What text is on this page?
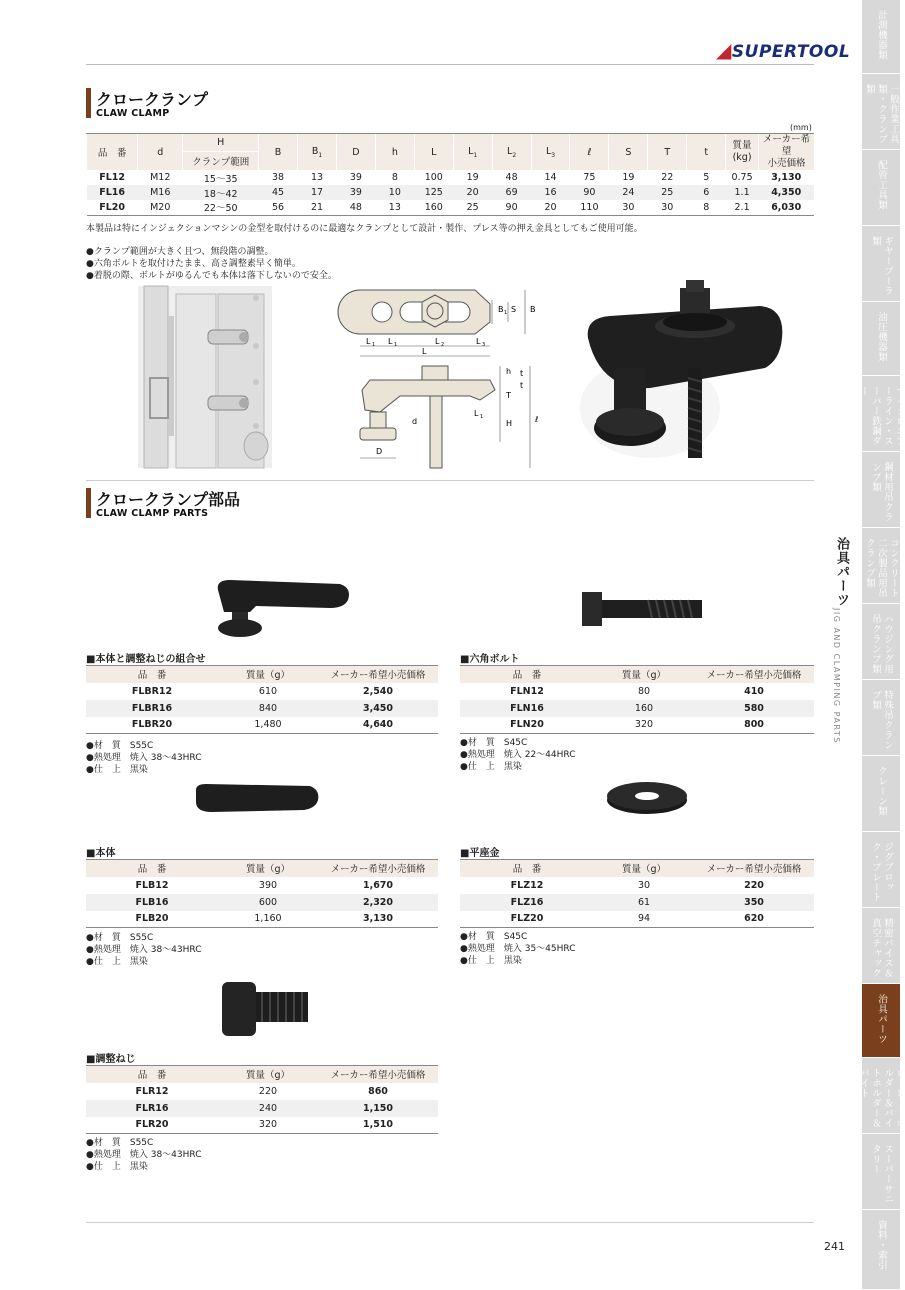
◢SUPERTOOL
クロークランプ
CLAW CLAMP
(mm)
品　番	d	H	B	$B_1$	D	h	L	$L_1$	$L_2$	$L_3$	ℓ	S	T	t	質量
(kg)	メーカー希望
小売価格
		クランプ範囲														
FL12	M12	15～35	38	13	39	8	100	19	48	14	75	19	22	5	0.75	3,130
FL16	M16	18～42	45	17	39	10	125	20	69	16	90	24	25	6	1.1	4,350
FL20	M20	22～50	56	21	48	13	160	25	90	20	110	30	30	8	2.1	6,030
本製品は特にインジェクションマシンの金型を取付けるのに最適なクランプとして設計・製作、プレス等の押え金具としてもご使用可能。
●クランプ範囲が大きく且つ、無段階の調整。
●六角ボルトを取付けたまま、高さ調整素早く簡単。
●着脱の際、ボルトがゆるんでも本体は落下しないので安全。
B 1 S B
L 1 L 1	L 2	L 3
L
h t
t
T
L 1
H	ℓ
d
D
クロークランプ部品
CLAW CLAMP PARTS
■本体と調整ねじの組合せ
品　番	質量（g）	メーカー希望小売価格
FLBR12	610	2,540
FLBR16	840	3,450
FLBR20	1,480	4,640
●材　質　S55C
●熱処理　焼入 38～43HRC
●仕　上　黒染
■六角ボルト
品　番	質量（g）	メーカー希望小売価格
FLN12	80	410
FLN16	160	580
FLN20	320	800
●材　質　S45C
●熱処理　焼入 22～44HRC
●仕　上　黒染
■本体
品　番	質量（g）	メーカー希望小売価格
FLB12	390	1,670
FLB16	600	2,320
FLB20	1,160	3,130
●材　質　S55C
●熱処理　焼入 38～43HRC
●仕　上　黒染
■平座金
品　番	質量（g）	メーカー希望小売価格
FLZ12	30	220
FLZ16	61	350
FLZ20	94	620
●材　質　S45C
●熱処理　焼入 35～45HRC
●仕　上　黒染
■調整ねじ
品　番	質量（g）	メーカー希望小売価格
FLR12	220	860
FLR16	240	1,150
FLR20	320	1,510
●材　質　S55C
●熱処理　焼入 38～43HRC
●仕　上　黒染
治具パーツ
JIG AND CLAMPING PARTS
計測機器類
一般作業工具類・クランプ類
配管工具類
ギヤープーラ類
油圧機器類
マイクロエアーライン・スーパー鉄鋼ダー
鋼材用吊クランプ類
コンクリート二次製品用吊クランプ類
ハウジング用吊クランプ類
特殊吊クランプ類
クレーン類
ジグブロック・プレート
精密バイス＆真空チャック
治具パーツ
ローレットホルダー＆バイトホルダー＆バイト
スーパーサニタリー
資料・索引
241
